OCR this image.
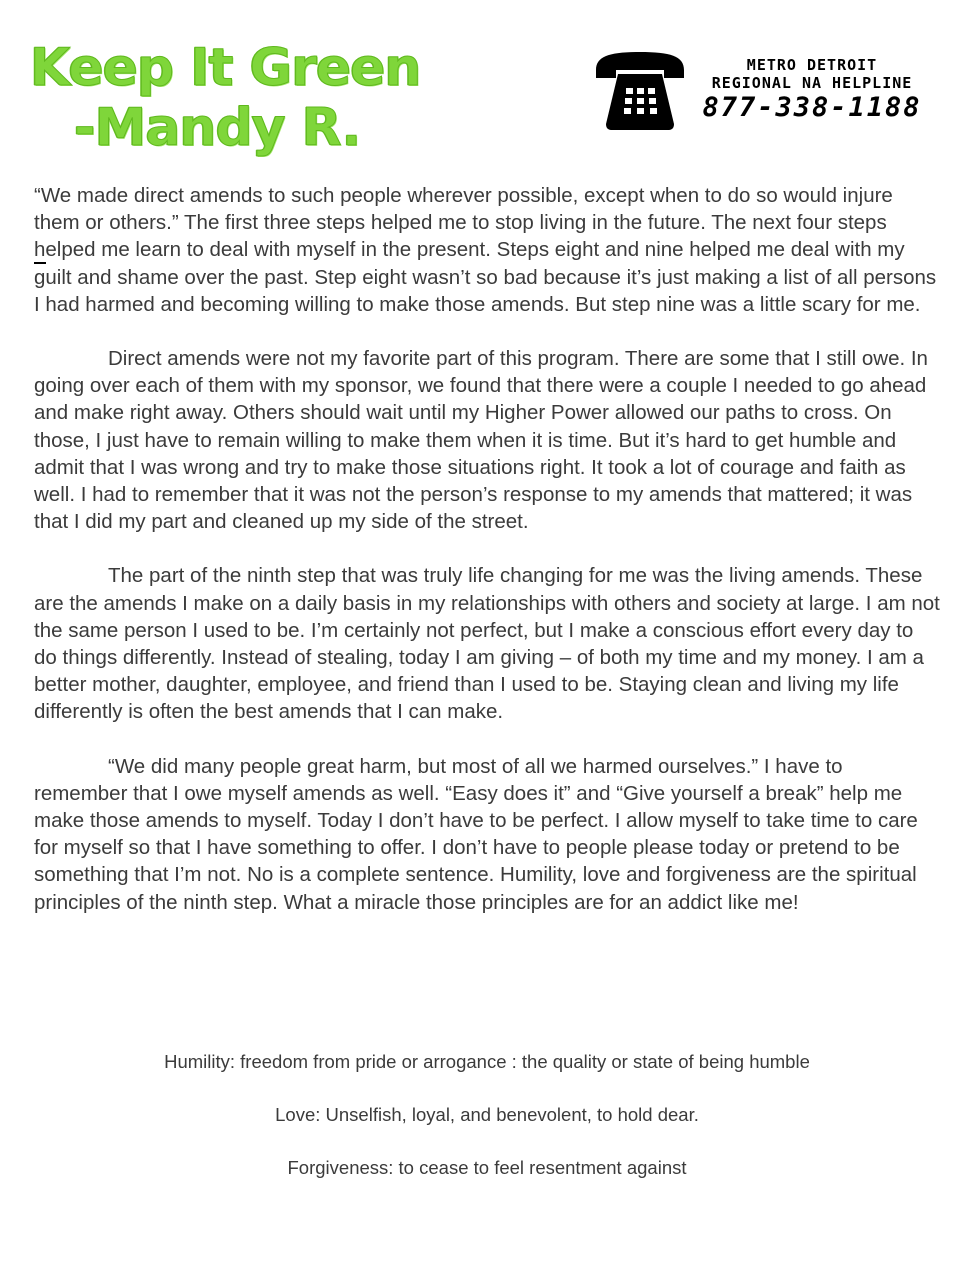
Keep It Green
-Mandy R.
METRO DETROIT
REGIONAL NA HELPLINE
877-338-1188

“We made direct amends to such people wherever possible, except when to do so would injure them or others.” The first three steps helped me to stop living in the future. The next four steps helped me learn to deal with myself in the present. Steps eight and nine helped me deal with my guilt and shame over the past. Step eight wasn’t so bad because it’s just making a list of all persons I had harmed and becoming willing to make those amends. But step nine was a little scary for me.

Direct amends were not my favorite part of this program. There are some that I still owe. In going over each of them with my sponsor, we found that there were a couple I needed to go ahead and make right away. Others should wait until my Higher Power allowed our paths to cross. On those, I just have to remain willing to make them when it is time. But it’s hard to get humble and admit that I was wrong and try to make those situations right. It took a lot of courage and faith as well. I had to remember that it was not the person’s response to my amends that mattered; it was that I did my part and cleaned up my side of the street.

The part of the ninth step that was truly life changing for me was the living amends. These are the amends I make on a daily basis in my relationships with others and society at large. I am not the same person I used to be. I’m certainly not perfect, but I make a conscious effort every day to do things differently. Instead of stealing, today I am giving – of both my time and my money. I am a better mother, daughter, employee, and friend than I used to be. Staying clean and living my life differently is often the best amends that I can make.

“We did many people great harm, but most of all we harmed ourselves.” I have to remember that I owe myself amends as well. “Easy does it” and “Give yourself a break” help me make those amends to myself. Today I don’t have to be perfect. I allow myself to take time to care for myself so that I have something to offer. I don’t have to people please today or pretend to be something that I’m not. No is a complete sentence. Humility, love and forgiveness are the spiritual principles of the ninth step. What a miracle those principles are for an addict like me!

Humility: freedom from pride or arrogance : the quality or state of being humble
Love: Unselfish, loyal, and benevolent, to hold dear.
Forgiveness: to cease to feel resentment against
